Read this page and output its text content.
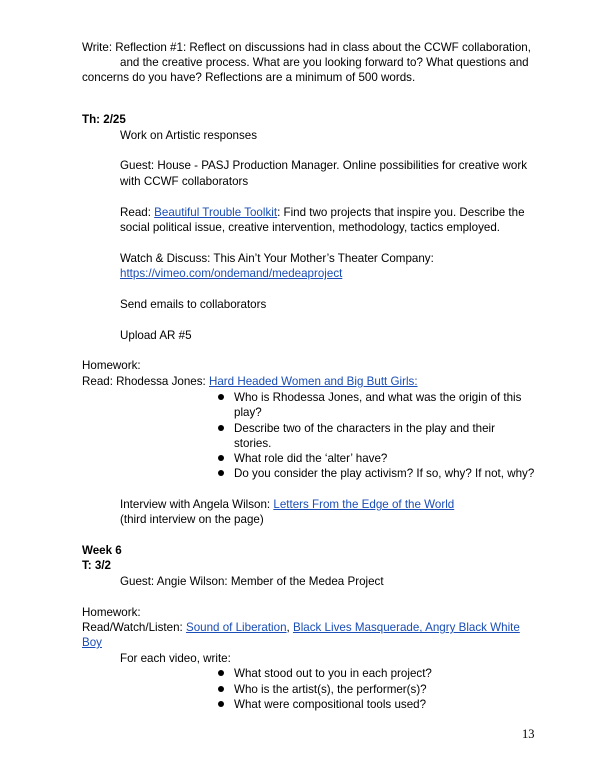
Write: Reflection #1: Reflect on discussions had in class about the CCWF collaboration,
and the creative process. What are you looking forward to? What questions and
concerns do you have? Reflections are a minimum of 500 words.
Th: 2/25
Work on Artistic responses
Guest: House - PASJ Production Manager. Online possibilities for creative work
with CCWF collaborators
Read: Beautiful Trouble Toolkit: Find two projects that inspire you. Describe the
social political issue, creative intervention, methodology, tactics employed.
Watch & Discuss: This Ain’t Your Mother’s Theater Company:
https://vimeo.com/ondemand/medeaproject
Send emails to collaborators
Upload AR #5
Homework:
Read: Rhodessa Jones: Hard Headed Women and Big Butt Girls:
Who is Rhodessa Jones, and what was the origin of this
play?
Describe two of the characters in the play and their
stories.
What role did the ‘alter’ have?
Do you consider the play activism? If so, why? If not, why?
Interview with Angela Wilson: Letters From the Edge of the World
(third interview on the page)
Week 6
T: 3/2
Guest: Angie Wilson: Member of the Medea Project
Homework:
Read/Watch/Listen: Sound of Liberation, Black Lives Masquerade, Angry Black White
Boy
For each video, write:
What stood out to you in each project?
Who is the artist(s), the performer(s)?
What were compositional tools used?
13
